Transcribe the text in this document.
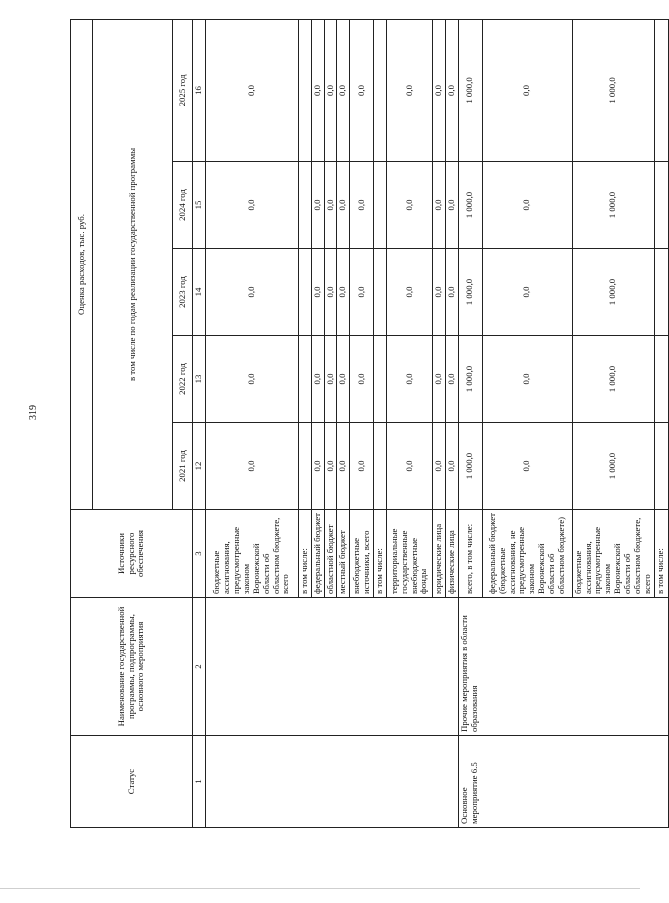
319
Статус	Наименование государственной программы, подпрограммы, основного мероприятия	Источники ресурсного обеспечения	Оценка расходов, тыс. руб.				
			в том числе по годам реализации государственной программы				
			2021 год	2022 год	2023 год	2024 год	2025 год
1	2	3	12	13	14	15	16
		бюджетные ассигнования, предусмотренные законом Воронежской области об областном бюджете, всего	0,0	0,0	0,0	0,0	0,0
		в том числе:					
		федеральный бюджет	0,0	0,0	0,0	0,0	0,0
		областной бюджет	0,0	0,0	0,0	0,0	0,0
		местный бюджет	0,0	0,0	0,0	0,0	0,0
		внебюджетные источники, всего	0,0	0,0	0,0	0,0	0,0
		в том числе:					
		территориальные государственные внебюджетные фонды	0,0	0,0	0,0	0,0	0,0
		юридические лица	0,0	0,0	0,0	0,0	0,0
		физические лица	0,0	0,0	0,0	0,0	0,0
Основное мероприятие 6.5	Прочие мероприятия в области образования	всего, в том числе:	1 000,0	1 000,0	1 000,0	1 000,0	1 000,0
		федеральный бюджет (бюджетные ассигнования, не предусмотренные законом Воронежской области об областном бюджете)	0,0	0,0	0,0	0,0	0,0
		бюджетные ассигнования, предусмотренные законом Воронежской области об областном бюджете, всего	1 000,0	1 000,0	1 000,0	1 000,0	1 000,0
		в том числе:					
